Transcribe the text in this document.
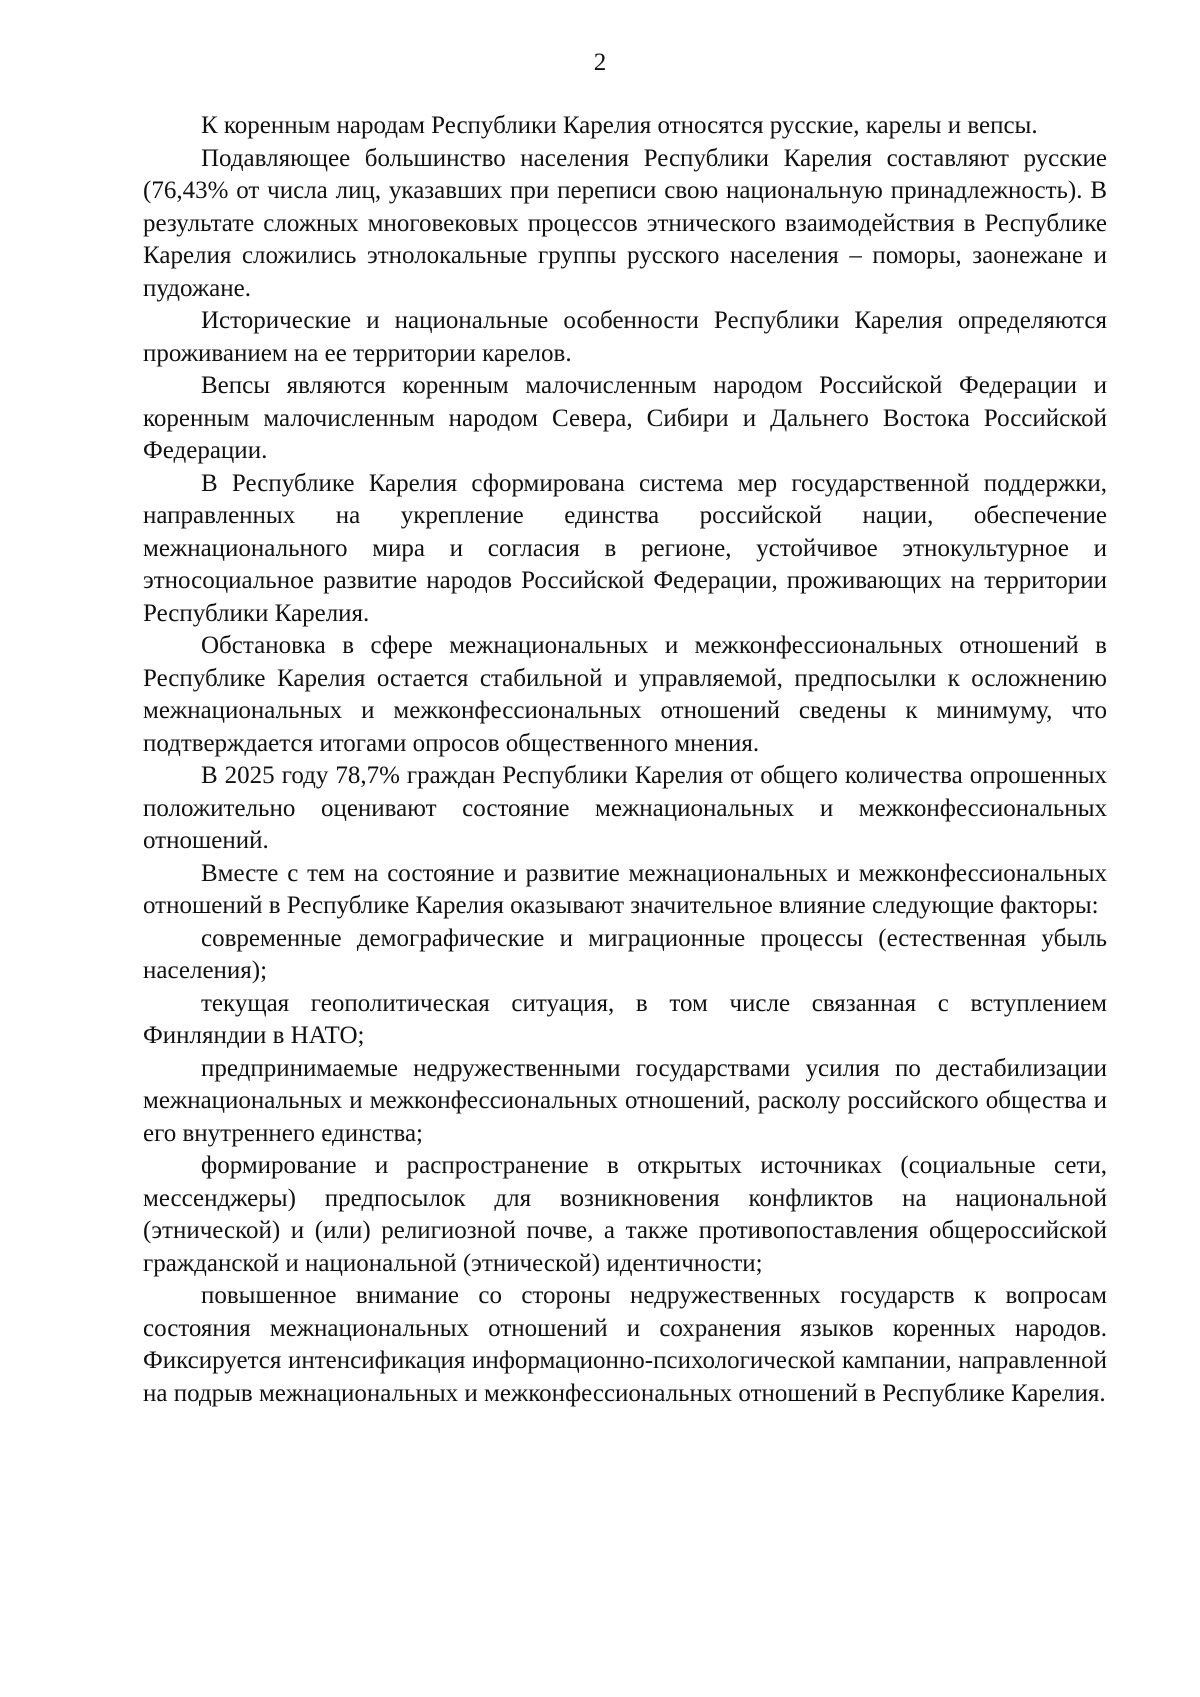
2

К коренным народам Республики Карелия относятся русские, карелы и вепсы.

Подавляющее большинство населения Республики Карелия составляют русские (76,43% от числа лиц, указавших при переписи свою национальную принадлежность). В результате сложных многовековых процессов этнического взаимодействия в Республике Карелия сложились этнолокальные группы русского населения – поморы, заонежане и пудожане.

Исторические и национальные особенности Республики Карелия определяются проживанием на ее территории карелов.

Вепсы являются коренным малочисленным народом Российской Федерации и коренным малочисленным народом Севера, Сибири и Дальнего Востока Российской Федерации.

В Республике Карелия сформирована система мер государственной поддержки, направленных на укрепление единства российской нации, обеспечение межнационального мира и согласия в регионе, устойчивое этнокультурное и этносоциальное развитие народов Российской Федерации, проживающих на территории Республики Карелия.

Обстановка в сфере межнациональных и межконфессиональных отношений в Республике Карелия остается стабильной и управляемой, предпосылки к осложнению межнациональных и межконфессиональных отношений сведены к минимуму, что подтверждается итогами опросов общественного мнения.

В 2025 году 78,7% граждан Республики Карелия от общего количества опрошенных положительно оценивают состояние межнациональных и межконфессиональных отношений.

Вместе с тем на состояние и развитие межнациональных и межконфессиональных отношений в Республике Карелия оказывают значительное влияние следующие факторы:

современные демографические и миграционные процессы (естественная убыль населения);

текущая геополитическая ситуация, в том числе связанная с вступлением Финляндии в НАТО;

предпринимаемые недружественными государствами усилия по дестабилизации межнациональных и межконфессиональных отношений, расколу российского общества и его внутреннего единства;

формирование и распространение в открытых источниках (социальные сети, мессенджеры) предпосылок для возникновения конфликтов на национальной (этнической) и (или) религиозной почве, а также противопоставления общероссийской гражданской и национальной (этнической) идентичности;

повышенное внимание со стороны недружественных государств к вопросам состояния межнациональных отношений и сохранения языков коренных народов. Фиксируется интенсификация информационно-психологической кампании, направленной на подрыв межнациональных и межконфессиональных отношений в Республике Карелия.
